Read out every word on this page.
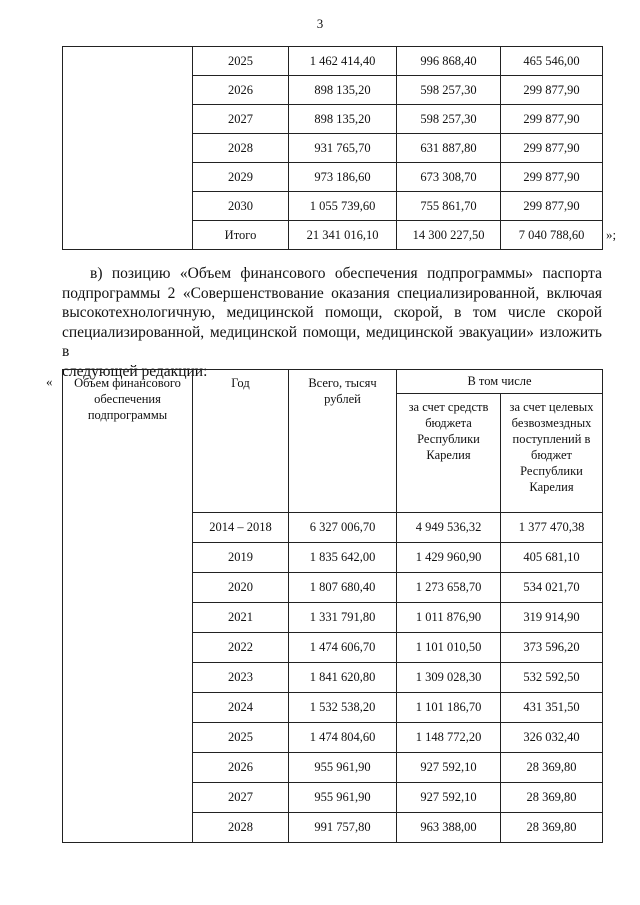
3
	2025	1 462 414,40	996 868,40	465 546,00
	2026	898 135,20	598 257,30	299 877,90
	2027	898 135,20	598 257,30	299 877,90
	2028	931 765,70	631 887,80	299 877,90
	2029	973 186,60	673 308,70	299 877,90
	2030	1 055 739,60	755 861,70	299 877,90
	Итого	21 341 016,10	14 300 227,50	7 040 788,60 »;
в) позицию «Объем финансового обеспечения подпрограммы» паспорта
подпрограммы 2 «Совершенствование оказания специализированной, включая
высокотехнологичную, медицинской помощи, скорой, в том числе скорой
специализированной, медицинской помощи, медицинской эвакуации» изложить в
следующей редакции:
« Объем финансового обеспечения подпрограммы	Год	Всего, тысяч рублей	В том числе	
			за счет средств бюджета Республики Карелия	за счет целевых безвозмездных поступлений в бюджет Республики Карелия
	2014 – 2018	6 327 006,70	4 949 536,32	1 377 470,38
	2019	1 835 642,00	1 429 960,90	405 681,10
	2020	1 807 680,40	1 273 658,70	534 021,70
	2021	1 331 791,80	1 011 876,90	319 914,90
	2022	1 474 606,70	1 101 010,50	373 596,20
	2023	1 841 620,80	1 309 028,30	532 592,50
	2024	1 532 538,20	1 101 186,70	431 351,50
	2025	1 474 804,60	1 148 772,20	326 032,40
	2026	955 961,90	927 592,10	28 369,80
	2027	955 961,90	927 592,10	28 369,80
	2028	991 757,80	963 388,00	28 369,80
